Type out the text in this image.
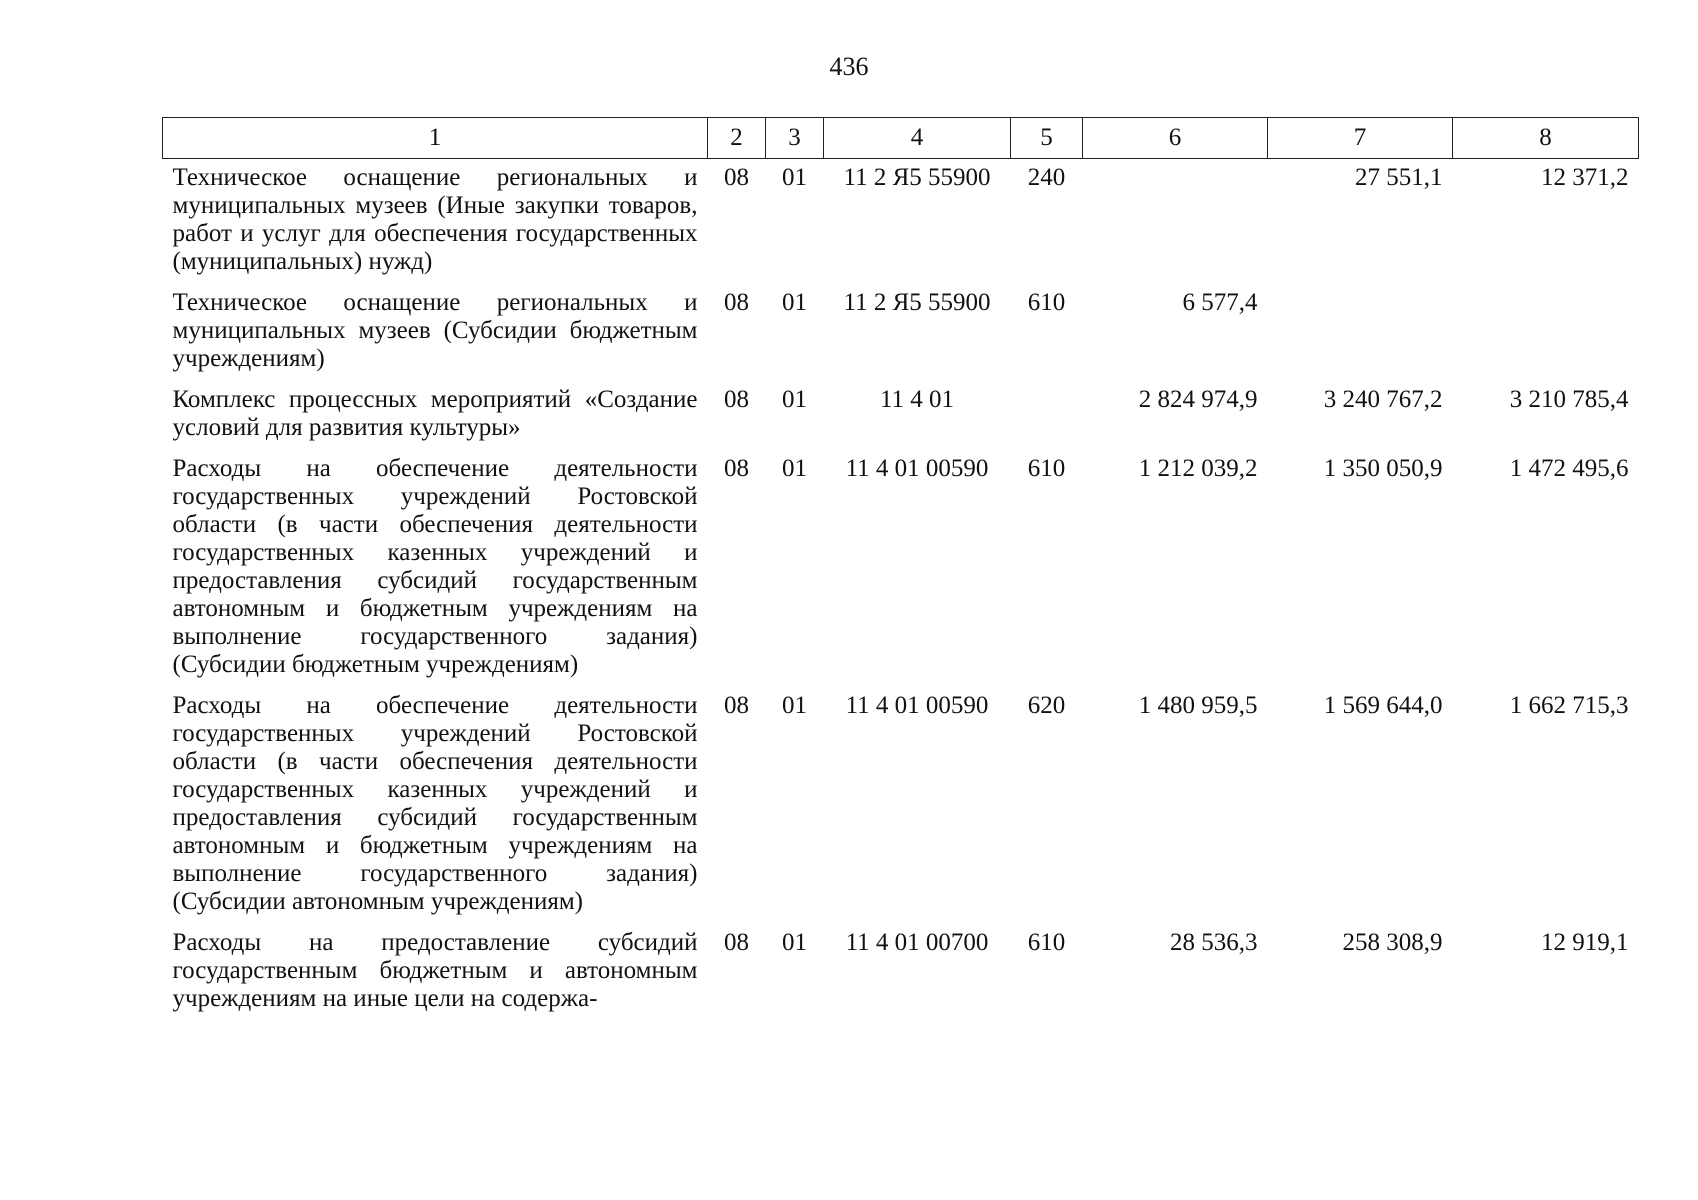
436
1	2	3	4	5	6	7	8
Техническое оснащение региональных и муниципальных музеев (Иные закупки товаров, работ и услуг для обеспечения государственных (муниципальных) нужд)	08	01	11 2 Я5 55900	240		27 551,1	12 371,2
Техническое оснащение региональных и муниципальных музеев (Субсидии бюджетным учреждениям)	08	01	11 2 Я5 55900	610	6 577,4		
Комплекс процессных мероприятий «Создание условий для развития культуры»	08	01	11 4 01		2 824 974,9	3 240 767,2	3 210 785,4
Расходы на обеспечение деятельности государственных учреждений Ростовской области (в части обеспечения деятельности государственных казенных учреждений и предоставления субсидий государственным автономным и бюджетным учреждениям на выполнение государственного задания) (Субсидии бюджетным учреждениям)	08	01	11 4 01 00590	610	1 212 039,2	1 350 050,9	1 472 495,6
Расходы на обеспечение деятельности государственных учреждений Ростовской области (в части обеспечения деятельности государственных казенных учреждений и предоставления субсидий государственным автономным и бюджетным учреждениям на выполнение государственного задания) (Субсидии автономным учреждениям)	08	01	11 4 01 00590	620	1 480 959,5	1 569 644,0	1 662 715,3
Расходы на предоставление субсидий государственным бюджетным и автономным учреждениям на иные цели на содержа-	08	01	11 4 01 00700	610	28 536,3	258 308,9	12 919,1
